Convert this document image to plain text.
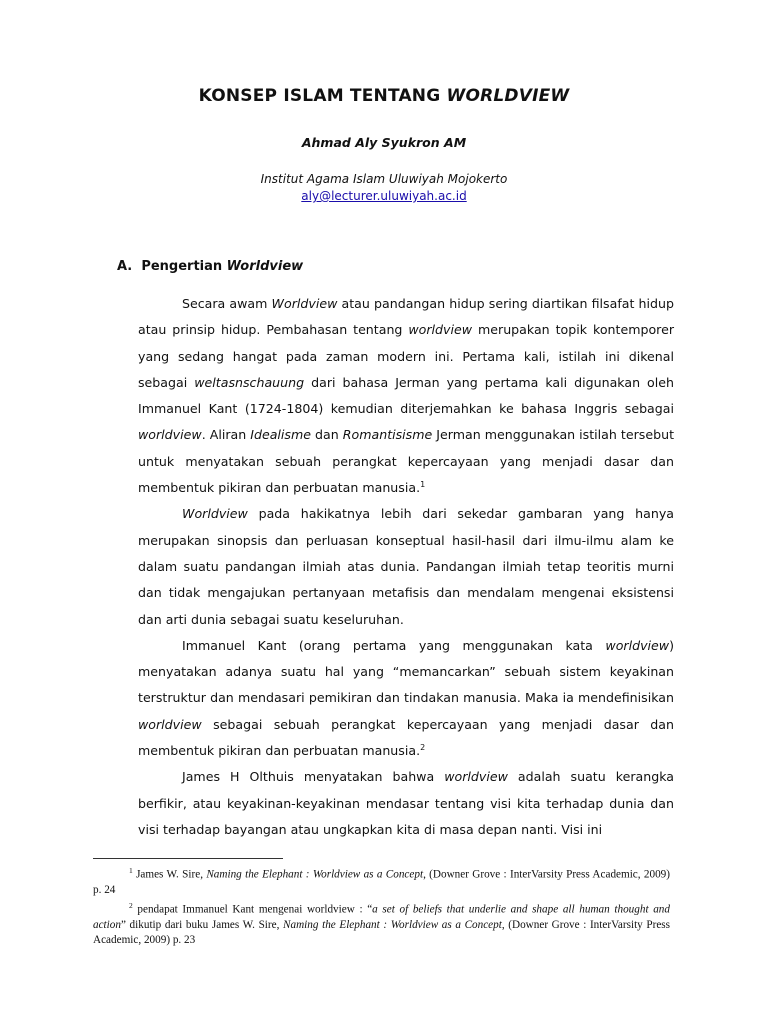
KONSEP ISLAM TENTANG WORLDVIEW
Ahmad Aly Syukron AM
Institut Agama Islam Uluwiyah Mojokerto
aly@lecturer.uluwiyah.ac.id
A. Pengertian Worldview

Secara awam Worldview atau pandangan hidup sering diartikan filsafat hidup atau prinsip hidup. Pembahasan tentang worldview merupakan topik kontemporer yang sedang hangat pada zaman modern ini. Pertama kali, istilah ini dikenal sebagai weltasnschauung dari bahasa Jerman yang pertama kali digunakan oleh Immanuel Kant (1724-1804) kemudian diterjemahkan ke bahasa Inggris sebagai worldview. Aliran Idealisme dan Romantisisme Jerman menggunakan istilah tersebut untuk menyatakan sebuah perangkat kepercayaan yang menjadi dasar dan membentuk pikiran dan perbuatan manusia.$^1$

Worldview pada hakikatnya lebih dari sekedar gambaran yang hanya merupakan sinopsis dan perluasan konseptual hasil-hasil dari ilmu-ilmu alam ke dalam suatu pandangan ilmiah atas dunia. Pandangan ilmiah tetap teoritis murni dan tidak mengajukan pertanyaan metafisis dan mendalam mengenai eksistensi dan arti dunia sebagai suatu keseluruhan.

Immanuel Kant (orang pertama yang menggunakan kata worldview) menyatakan adanya suatu hal yang “memancarkan” sebuah sistem keyakinan terstruktur dan mendasari pemikiran dan tindakan manusia. Maka ia mendefinisikan worldview sebagai sebuah perangkat kepercayaan yang menjadi dasar dan membentuk pikiran dan perbuatan manusia.$^2$

James H Olthuis menyatakan bahwa worldview adalah suatu kerangka berfikir, atau keyakinan-keyakinan mendasar tentang visi kita terhadap dunia dan visi terhadap bayangan atau ungkapkan kita di masa depan nanti. Visi ini

$^1$ James W. Sire, Naming the Elephant : Worldview as a Concept, (Downer Grove : InterVarsity Press Academic, 2009) p. 24

$^2$ pendapat Immanuel Kant mengenai worldview : “a set of beliefs that underlie and shape all human thought and action” dikutip dari buku James W. Sire, Naming the Elephant : Worldview as a Concept, (Downer Grove : InterVarsity Press Academic, 2009) p. 23
